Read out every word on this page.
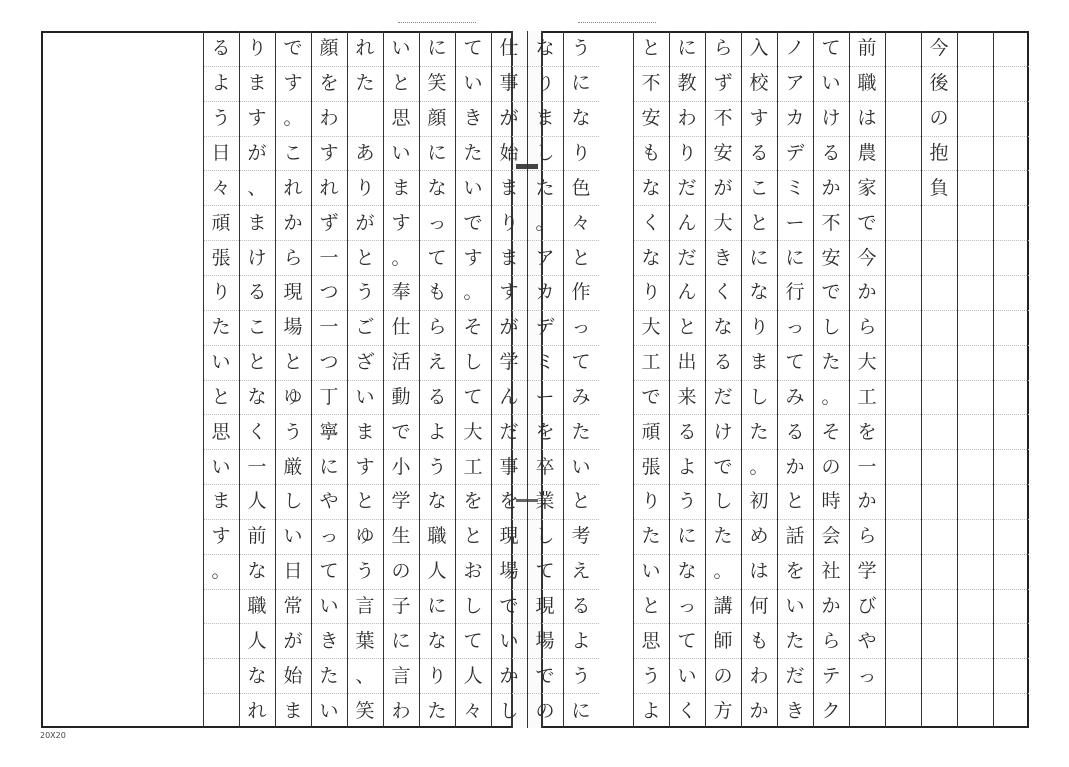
今
後
の
抱
負
前
職
は
農
家
で
今
か
ら
大
工
を
一
か
ら
学
び
や
っ
て
い
け
る
か
不
安
で
し
た
。
そ
の
時
会
社
か
ら
テ
ク
ノ
ア
カ
デ
ミ
ー
に
行
っ
て
み
る
か
と
話
を
い
た
だ
き
入
校
す
る
こ
と
に
な
り
ま
し
た
。
初
め
は
何
も
わ
か
ら
ず
不
安
が
大
き
く
な
る
だ
け
で
し
た
。
講
師
の
方
に
教
わ
り
だ
ん
だ
ん
と
出
来
る
よ
う
に
な
っ
て
い
く
と
不
安
も
な
く
な
り
大
工
で
頑
張
り
た
い
と
思
う
よ
う
に
な
り
色
々
と
作
っ
て
み
た
い
と
考
え
る
よ
う
に
な
り
ま
し
た
。
ア
カ
デ
ミ
ー
を
卒
業
し
て
現
場
で
の
仕
事
が
始
ま
り
ま
す
が
学
ん
だ
事
を
現
場
で
い
か
し
て
い
き
た
い
で
す
。
そ
し
て
大
工
を
と
お
し
て
人
々
に
笑
顔
に
な
っ
て
も
ら
え
る
よ
う
な
職
人
に
な
り
た
い
と
思
い
ま
す
。
奉
仕
活
動
で
小
学
生
の
子
に
言
わ
れ
た

あ
り
が
と
う
ご
ざ
い
ま
す
と
ゆ
う
言
葉
、
笑
顔
を
わ
す
れ
ず
一
つ
一
つ
丁
寧
に
や
っ
て
い
き
た
い
で
す
。
こ
れ
か
ら
現
場
と
ゆ
う
厳
し
い
日
常
が
始
ま
り
ま
す
が
、
ま
け
る
こ
と
な
く
一
人
前
な
職
人
な
れ
る
よ
う
日
々
頑
張
り
た
い
と
思
い
ま
す
。
20X20
